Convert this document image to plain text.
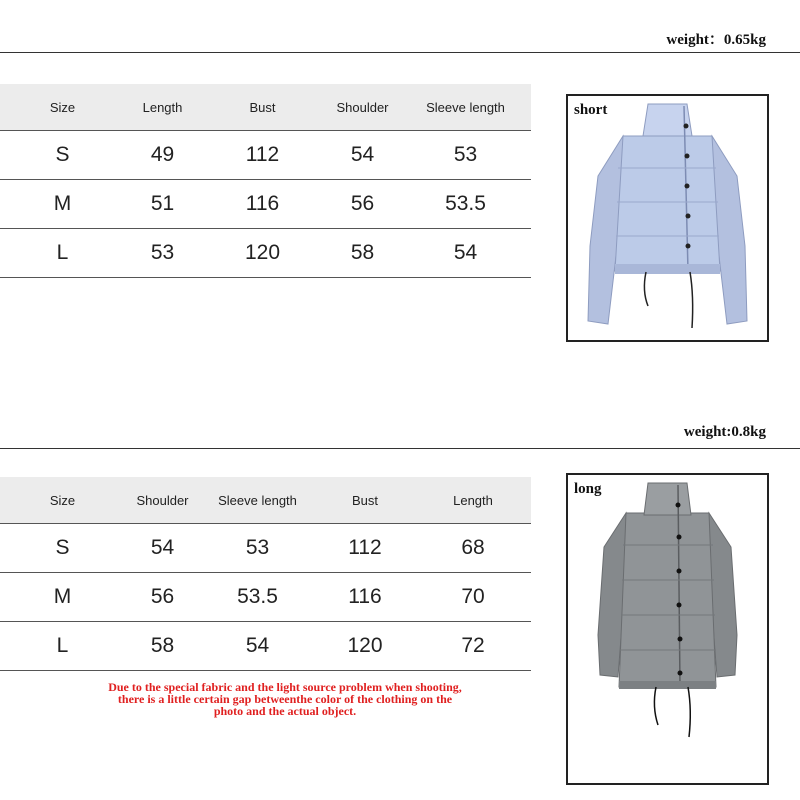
weight：0.65kg
Size	Length	Bust	Shoulder	Sleeve length
S	49	112	54	53
M	51	116	56	53.5
L	53	120	58	54
short
weight:0.8kg
Size	Shoulder	Sleeve length	Bust	Length
S	54	53	112	68
M	56	53.5	116	70
L	58	54	120	72
long
Due to the special fabric and the light source problem when shooting,
there is a little certain gap betweenthe color of the clothing on the
photo and the actual object.
